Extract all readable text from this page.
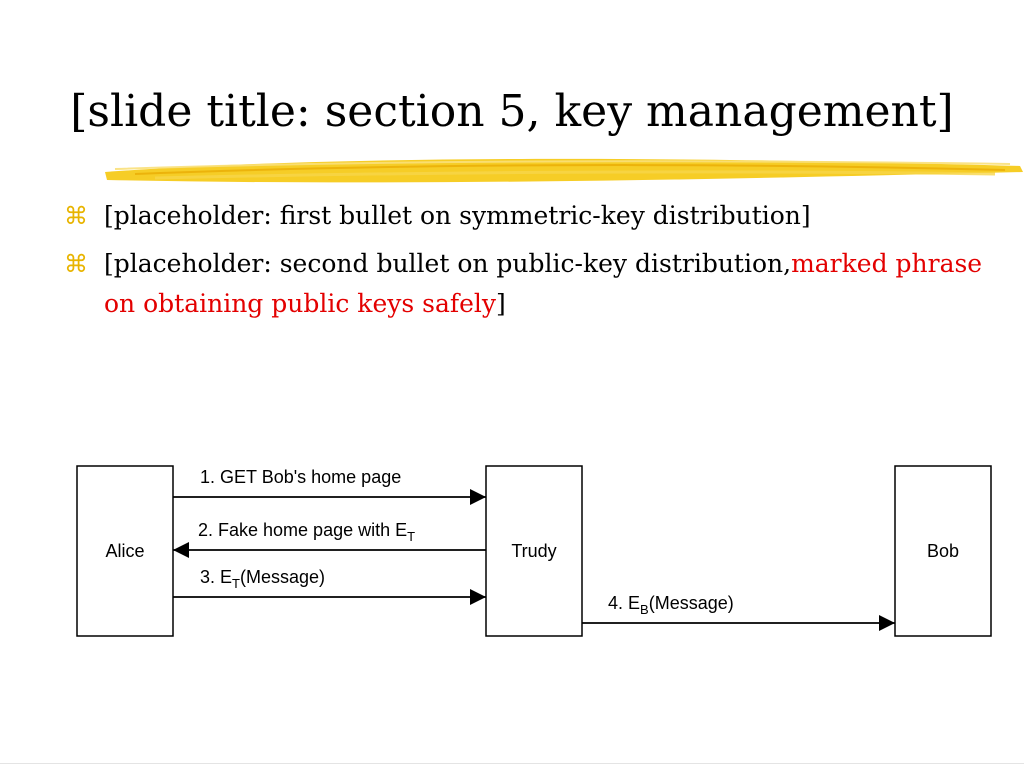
[slide title: section 5, key management]
⌘ [placeholder: first bullet on symmetric-key distribution]
⌘ [placeholder: second bullet on public-key distribution,marked phrase on obtaining public keys safely]
Alice	Trudy	Bob
1. GET Bob's home page
2. Fake home page with $E_T$
3. $E_T(Message)$
4. $E_B(Message)$
